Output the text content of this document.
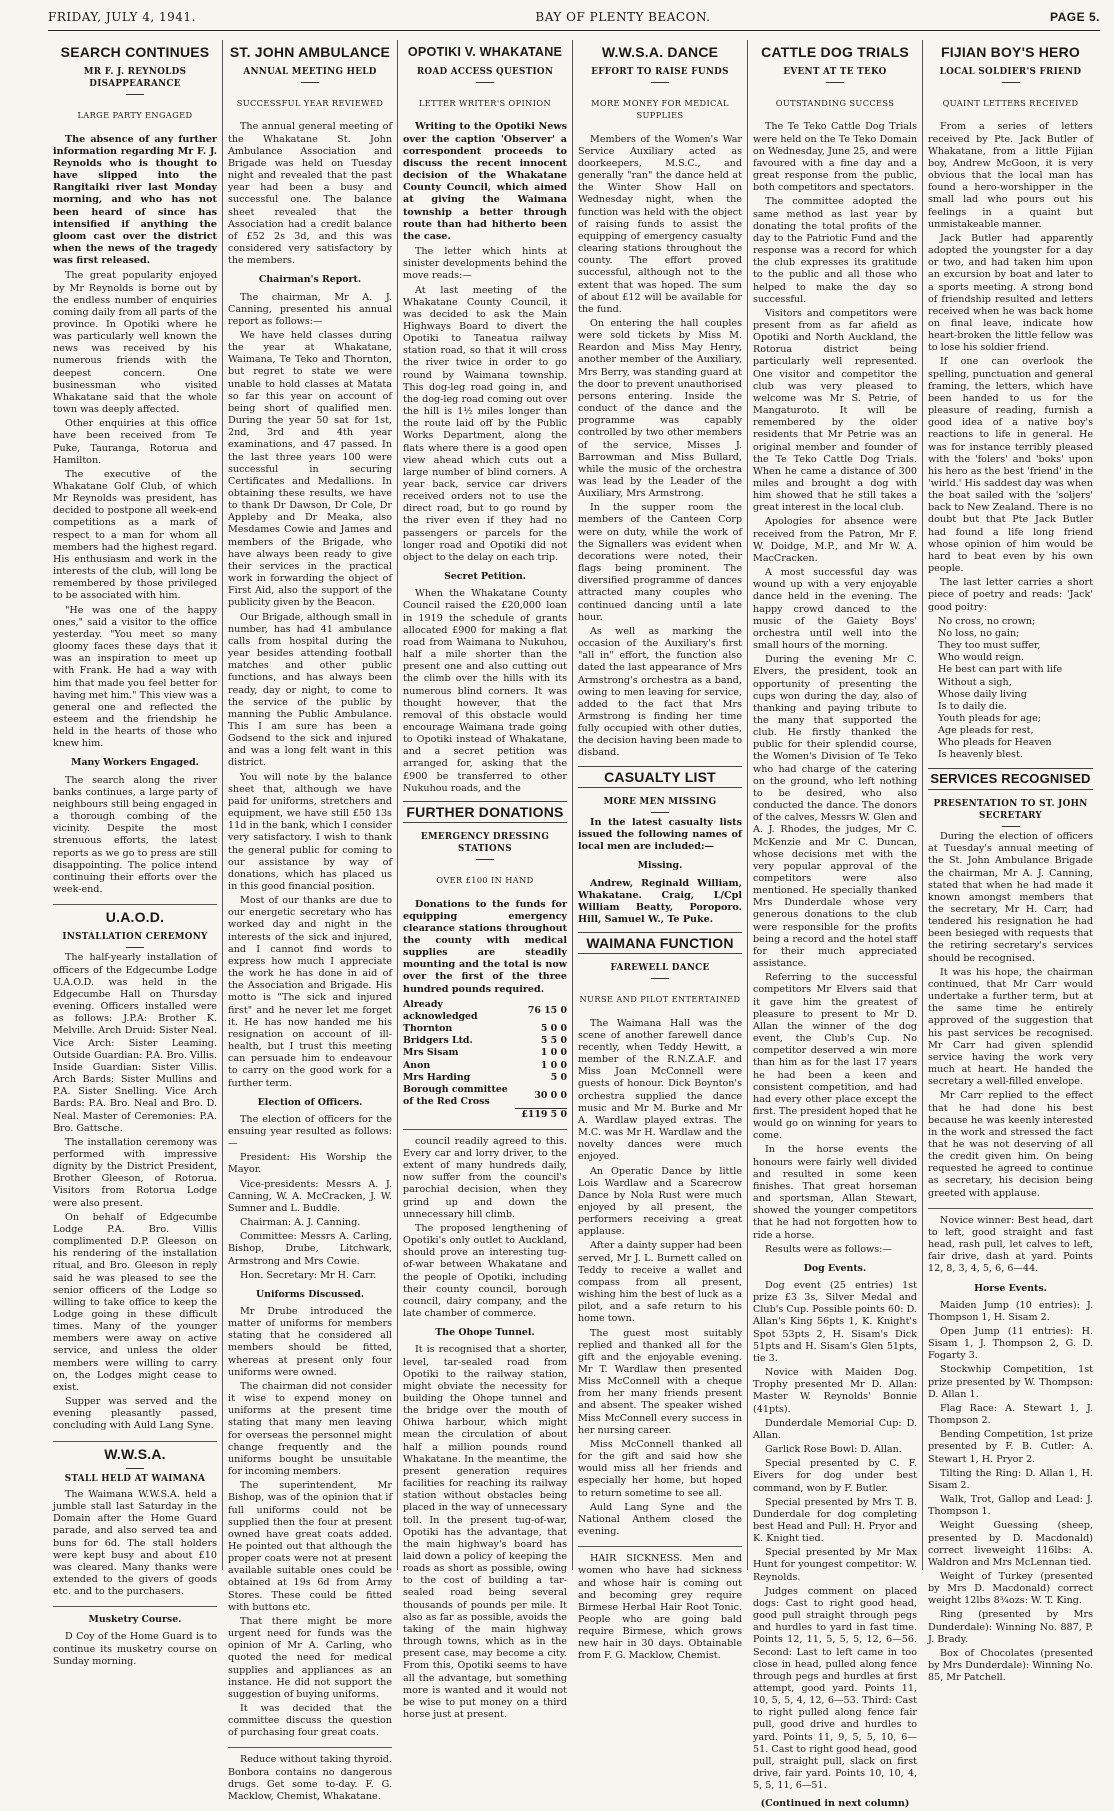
FRIDAY, JULY 4, 1941.	BAY OF PLENTY BEACON.	PAGE 5.
SEARCH CONTINUES
MR F. J. REYNOLDS DISAPPEARANCE
LARGE PARTY ENGAGED

The absence of any further information regarding Mr F. J. Reynolds who is thought to have slipped into the Rangitaiki river last Monday morning, and who has not been heard of since has intensified if anything the gloom cast over the district when the news of the tragedy was first released.

The great popularity enjoyed by Mr Reynolds is borne out by the endless number of enquiries coming daily from all parts of the province. In Opotiki where he was particularly well known the news was received by his numerous friends with the deepest concern. One businessman who visited Whakatane said that the whole town was deeply affected.

Other enquiries at this office have been received from Te Puke, Tauranga, Rotorua and Hamilton.

The executive of the Whakatane Golf Club, of which Mr Reynolds was president, has decided to postpone all week-end competitions as a mark of respect to a man for whom all members had the highest regard. His enthusiasm and work in the interests of the club, will long be remembered by those privileged to be associated with him.

"He was one of the happy ones," said a visitor to the office yesterday. "You meet so many gloomy faces these days that it was an inspiration to meet up with Frank. He had a way with him that made you feel better for having met him." This view was a general one and reflected the esteem and the friendship he held in the hearts of those who knew him.

Many Workers Engaged.

The search along the river banks continues, a large party of neighbours still being engaged in a thorough combing of the vicinity. Despite the most strenuous efforts, the latest reports as we go to press are still disappointing. The police intend continuing their efforts over the week-end.

U.A.O.D.
INSTALLATION CEREMONY

The half-yearly installation of officers of the Edgecumbe Lodge U.A.O.D. was held in the Edgecumbe Hall on Thursday evening. Officers installed were as follows: J.P.A: Brother K. Melville. Arch Druid: Sister Neal. Vice Arch: Sister Leaming. Outside Guardian: P.A. Bro. Villis. Inside Guardian: Sister Villis. Arch Bards: Sister Mullins and P.A. Sister Snelling. Vice Arch Bards: P.A. Bro. Neal and Bro. D. Neal. Master of Ceremonies: P.A. Bro. Gattsche.

The installation ceremony was performed with impressive dignity by the District President, Brother Gleeson, of Rotorua. Visitors from Rotorua Lodge were also present.

On behalf of Edgecumbe Lodge P.A. Bro. Villis complimented D.P. Gleeson on his rendering of the installation ritual, and Bro. Gleeson in reply said he was pleased to see the senior officers of the Lodge so willing to take office to keep the Lodge going in these difficult times. Many of the younger members were away on active service, and unless the older members were willing to carry on, the Lodges might cease to exist.

Supper was served and the evening pleasantly passed, concluding with Auld Lang Syne.

W.W.S.A.
STALL HELD AT WAIMANA

The Waimana W.W.S.A. held a jumble stall last Saturday in the Domain after the Home Guard parade, and also served tea and buns for 6d. The stall holders were kept busy and about £10 was cleared. Many thanks were extended to the givers of goods etc. and to the purchasers.

Musketry Course.

D Coy of the Home Guard is to continue its musketry course on Sunday morning.

ST. JOHN AMBULANCE
ANNUAL MEETING HELD
SUCCESSFUL YEAR REVIEWED

The annual general meeting of the Whakatane St. John Ambulance Association and Brigade was held on Tuesday night and revealed that the past year had been a busy and successful one. The balance sheet revealed that the Association had a credit balance of £52 2s 3d, and this was considered very satisfactory by the members.

Chairman's Report.

The chairman, Mr A. J. Canning, presented his annual report as follows:—

We have held classes during the year at Whakatane, Waimana, Te Teko and Thornton, but regret to state we were unable to hold classes at Matata so far this year on account of being short of qualified men. During the year 50 sat for 1st, 2nd, 3rd and 4th year examinations, and 47 passed. In the last three years 100 were successful in securing Certificates and Medallions. In obtaining these results, we have to thank Dr Dawson, Dr Cole, Dr Appleby and Dr Meaka, also Mesdames Cowie and James and members of the Brigade, who have always been ready to give their services in the practical work in forwarding the object of First Aid, also the support of the publicity given by the Beacon.

Our Brigade, although small in number, has had 41 ambulance calls from hospital during the year besides attending football matches and other public functions, and has always been ready, day or night, to come to the service of the public by manning the Public Ambulance. This I am sure has been a Godsend to the sick and injured and was a long felt want in this district.

You will note by the balance sheet that, although we have paid for uniforms, stretchers and equipment, we have still £50 13s 11d in the bank, which I consider very satisfactory. I wish to thank the general public for coming to our assistance by way of donations, which has placed us in this good financial position.

Most of our thanks are due to our energetic secretary who has worked day and night in the interests of the sick and injured, and I cannot find words to express how much I appreciate the work he has done in aid of the Association and Brigade. His motto is "The sick and injured first" and he never let me forget it. He has now handed me his resignation on account of ill-health, but I trust this meeting can persuade him to endeavour to carry on the good work for a further term.

Election of Officers.

The election of officers for the ensuing year resulted as follows:—

President: His Worship the Mayor.

Vice-presidents: Messrs A. J. Canning, W. A. McCracken, J. W. Sumner and L. Buddle.

Chairman: A. J. Canning.

Committee: Messrs A. Carling, Bishop, Drube, Litchwark, Armstrong and Mrs Cowie.

Hon. Secretary: Mr H. Carr.

Uniforms Discussed.

Mr Drube introduced the matter of uniforms for members stating that he considered all members should be fitted, whereas at present only four uniforms were owned.

The chairman did not consider it wise to expend money on uniforms at the present time stating that many men leaving for overseas the personnel might change frequently and the uniforms bought be unsuitable for incoming members.

The superintendent, Mr Bishop, was of the opinion that if full uniforms could not be supplied then the four at present owned have great coats added. He pointed out that although the proper coats were not at present available suitable ones could be obtained at 19s 6d from Army Stores. These could be fitted with buttons etc.

That there might be more urgent need for funds was the opinion of Mr A. Carling, who quoted the need for medical supplies and appliances as an instance. He did not support the suggestion of buying uniforms.

It was decided that the committee discuss the question of purchasing four great coats.

Reduce without taking thyroid. Bonbora contains no dangerous drugs. Get some to-day. F. G. Macklow, Chemist, Whakatane.

OPOTIKI V. WHAKATANE
ROAD ACCESS QUESTION
LETTER WRITER'S OPINION

Writing to the Opotiki News over the caption 'Observer' a correspondent proceeds to discuss the recent innocent decision of the Whakatane County Council, which aimed at giving the Waimana township a better through route than had hitherto been the case.

The letter which hints at sinister developments behind the move reads:—

At last meeting of the Whakatane County Council, it was decided to ask the Main Highways Board to divert the Opotiki to Taneatua railway station road, so that it will cross the river twice in order to go round by Waimana township. This dog-leg road going in, and the dog-leg road coming out over the hill is 1½ miles longer than the route laid off by the Public Works Department, along the flats where there is a good open view ahead which cuts out a large number of blind corners. A year back, service car drivers received orders not to use the direct road, but to go round by the river even if they had no passengers or parcels for the longer road and Opotiki did not object to the delay on each trip.

Secret Petition.

When the Whakatane County Council raised the £20,000 loan in 1919 the schedule of grants allocated £900 for making a flat road from Waimana to Nukuhou, half a mile shorter than the present one and also cutting out the climb over the hills with its numerous blind corners. It was thought however, that the removal of this obstacle would encourage Waimana trade going to Opotiki instead of Whakatane, and a secret petition was arranged for, asking that the £900 be transferred to other Nukuhou roads, and the

FURTHER DONATIONS
EMERGENCY DRESSING STATIONS
OVER £100 IN HAND

Donations to the funds for equipping emergency clearance stations throughout the county with medical supplies are steadily mounting and the total is now over the first of the three hundred pounds required.

Already acknowledged	76 15 0
Thornton	5 0 0
Bridgers Ltd.	5 5 0
Mrs Sisam	1 0 0
Anon	1 0 0
Mrs Harding	5 0
Borough committee of the Red Cross	30 0 0
	£119 5 0

council readily agreed to this. Every car and lorry driver, to the extent of many hundreds daily, now suffer from the council's parochial decision, when they grind up and down the unnecessary hill climb.

The proposed lengthening of Opotiki's only outlet to Auckland, should prove an interesting tug-of-war between Whakatane and the people of Opotiki, including their county council, borough council, dairy company, and the late chamber of commerce.

The Ohope Tunnel.

It is recognised that a shorter, level, tar-sealed road from Opotiki to the railway station, might obviate the necessity for building the Ohope tunnel and the bridge over the mouth of Ohiwa harbour, which might mean the circulation of about half a million pounds round Whakatane. In the meantime, the present generation requires facilities for reaching its railway station without obstacles being placed in the way of unnecessary toll. In the present tug-of-war, Opotiki has the advantage, that the main highway's board has laid down a policy of keeping the roads as short as possible, owing to the cost of building a tar-sealed road being several thousands of pounds per mile. It also as far as possible, avoids the taking of the main highway through towns, which as in the present case, may become a city. From this, Opotiki seems to have all the advantage, but something more is wanted and it would not be wise to put money on a third horse just at present.

W.W.S.A. DANCE
EFFORT TO RAISE FUNDS
MORE MONEY FOR MEDICAL SUPPLIES

Members of the Women's War Service Auxiliary acted as doorkeepers, M.S.C., and generally "ran" the dance held at the Winter Show Hall on Wednesday night, when the function was held with the object of raising funds to assist the equipping of emergency casualty clearing stations throughout the county. The effort proved successful, although not to the extent that was hoped. The sum of about £12 will be available for the fund.

On entering the hall couples were sold tickets by Miss M. Reardon and Miss May Henry, another member of the Auxiliary, Mrs Berry, was standing guard at the door to prevent unauthorised persons entering. Inside the conduct of the dance and the programme was capably controlled by two other members of the service, Misses J. Barrowman and Miss Bullard, while the music of the orchestra was lead by the Leader of the Auxiliary, Mrs Armstrong.

In the supper room the members of the Canteen Corp were on duty, while the work of the Signallers was evident when decorations were noted, their flags being prominent. The diversified programme of dances attracted many couples who continued dancing until a late hour.

As well as marking the occasion of the Auxiliary's first "all in" effort, the function also dated the last appearance of Mrs Armstrong's orchestra as a band, owing to men leaving for service, added to the fact that Mrs Armstrong is finding her time fully occupied with other duties, the decision having been made to disband.

CASUALTY LIST
MORE MEN MISSING

In the latest casualty lists issued the following names of local men are included:—

Missing.

Andrew, Reginald William, Whakatane. Craig, L/Cpl William Beatty, Poroporo. Hill, Samuel W., Te Puke.

WAIMANA FUNCTION
FAREWELL DANCE
NURSE AND PILOT ENTERTAINED

The Waimana Hall was the scene of another farewell dance recently, when Teddy Hewitt, a member of the R.N.Z.A.F. and Miss Joan McConnell were guests of honour. Dick Boynton's orchestra supplied the dance music and Mr M. Burke and Mr A. Wardlaw played extras. The M.C. was Mr H. Wardlaw and the novelty dances were much enjoyed.

An Operatic Dance by little Lois Wardlaw and a Scarecrow Dance by Nola Rust were much enjoyed by all present, the performers receiving a great applause.

After a dainty supper had been served, Mr J. L. Burnett called on Teddy to receive a wallet and compass from all present, wishing him the best of luck as a pilot, and a safe return to his home town.

The guest most suitably replied and thanked all for the gift and the enjoyable evening. Mr T. Wardlaw then presented Miss McConnell with a cheque from her many friends present and absent. The speaker wished Miss McConnell every success in her nursing career.

Miss McConnell thanked all for the gift and said how she would miss all her friends and especially her home, but hoped to return sometime to see all.

Auld Lang Syne and the National Anthem closed the evening.

HAIR SICKNESS. Men and women who have had sickness and whose hair is coming out and becoming grey require Birmese Herbal Hair Root Tonic. People who are going bald require Birmese, which grows new hair in 30 days. Obtainable from F. G. Macklow, Chemist.

CATTLE DOG TRIALS
EVENT AT TE TEKO
OUTSTANDING SUCCESS

The Te Teko Cattle Dog Trials were held on the Te Teko Domain on Wednesday, June 25, and were favoured with a fine day and a great response from the public, both competitors and spectators.

The committee adopted the same method as last year by donating the total profits of the day to the Patriotic Fund and the response was a record for which the club expresses its gratitude to the public and all those who helped to make the day so successful.

Visitors and competitors were present from as far afield as Opotiki and North Auckland, the Rotorua district being particularly well represented. One visitor and competitor the club was very pleased to welcome was Mr S. Petrie, of Mangaturoto. It will be remembered by the older residents that Mr Petrie was an original member and founder of the Te Teko Cattle Dog Trials. When he came a distance of 300 miles and brought a dog with him showed that he still takes a great interest in the local club.

Apologies for absence were received from the Patron, Mr F. W. Doidge, M.P., and Mr W. A. MacCracken.

A most successful day was wound up with a very enjoyable dance held in the evening. The happy crowd danced to the music of the Gaiety Boys' orchestra until well into the small hours of the morning.

During the evening Mr C. Elvers, the president, took an opportunity of presenting the cups won during the day, also of thanking and paying tribute to the many that supported the club. He firstly thanked the public for their splendid course, the Women's Division of Te Teko who had charge of the catering on the ground, who left nothing to be desired, who also conducted the dance. The donors of the calves, Messrs W. Glen and A. J. Rhodes, the judges, Mr C. McKenzie and Mr C. Duncan, whose decisions met with the very popular approval of the competitors were also mentioned. He specially thanked Mrs Dunderdale whose very generous donations to the club were responsible for the profits being a record and the hotel staff for their much appreciated assistance.

Referring to the successful competitors Mr Elvers said that it gave him the greatest of pleasure to present to Mr D. Allan the winner of the dog event, the Club's Cup. No competitor deserved a win more than him as for the last 17 years he had been a keen and consistent competition, and had had every other place except the first. The president hoped that he would go on winning for years to come.

In the horse events the honours were fairly well divided and resulted in some keen finishes. That great horseman and sportsman, Allan Stewart, showed the younger competitors that he had not forgotten how to ride a horse.

Results were as follows:—

Dog Events.

Dog event (25 entries) 1st prize £3 3s, Silver Medal and Club's Cup. Possible points 60: D. Allan's King 56pts 1, K. Knight's Spot 53pts 2, H. Sisam's Dick 51pts and H. Sisam's Glen 51pts, tie 3.

Novice with Maiden Dog. Trophy presented Mr D. Allan: Master W. Reynolds' Bonnie (41pts).

Dunderdale Memorial Cup: D. Allan.

Garlick Rose Bowl: D. Allan.

Special presented by C. F. Eivers for dog under best command, won by F. Butler.

Special presented by Mrs T. B. Dunderdale for dog completing best Head and Pull: H. Pryor and K. Knight tied.

Special presented by Mr Max Hunt for youngest competitor: W. Reynolds.

Judges comment on placed dogs: Cast to right good head, good pull straight through pegs and hurdles to yard in fast time. Points 12, 11, 5, 5, 5, 12, 6—56. Second: Last to left came in too close in head, pulled along fence through pegs and hurdles at first attempt, good yard. Points 11, 10, 5, 5, 4, 12, 6—53. Third: Cast to right pulled along fence fair pull, good drive and hurdles to yard. Points 11, 9, 5, 5, 10, 6—51. Cast to right good head, good pull, straight pull, slack on first drive, fair yard. Points 10, 10, 4, 5, 5, 11, 6—51.

(Continued in next column)
FIJIAN BOY'S HERO
LOCAL SOLDIER'S FRIEND
QUAINT LETTERS RECEIVED

From a series of letters received by Pte. Jack Butler of Whakatane, from a little Fijian boy, Andrew McGoon, it is very obvious that the local man has found a hero-worshipper in the small lad who pours out his feelings in a quaint but unmistakeable manner.

Jack Butler had apparently adopted the youngster for a day or two, and had taken him upon an excursion by boat and later to a sports meeting. A strong bond of friendship resulted and letters received when he was back home on final leave, indicate how heart-broken the little fellow was to lose his soldier friend.

If one can overlook the spelling, punctuation and general framing, the letters, which have been handed to us for the pleasure of reading, furnish a good idea of a native boy's reactions to life in general. He was for instance terribly pleased with the 'folers' and 'boks' upon his hero as the best 'friend' in the 'wirld.' His saddest day was when the boat sailed with the 'soljers' back to New Zealand. There is no doubt but that Pte Jack Butler had found a life long friend whose opinion of him would be hard to beat even by his own people.

The last letter carries a short piece of poetry and reads: 'Jack' good poitry:

No cross, no crown;

No loss, no gain;

They too must suffer,

Who would reign.

He best can part with life

Without a sigh,

Whose daily living

Is to daily die.

Youth pleads for age;

Age pleads for rest,

Who pleads for Heaven

Is heavenly blest.

SERVICES RECOGNISED
PRESENTATION TO ST. JOHN SECRETARY

During the election of officers at Tuesday's annual meeting of the St. John Ambulance Brigade the chairman, Mr A. J. Canning, stated that when he had made it known amongst members that the secretary, Mr H. Carr, had tendered his resignation he had been besieged with requests that the retiring secretary's services should be recognised.

It was his hope, the chairman continued, that Mr Carr would undertake a further term, but at the same time he entirely approved of the suggestion that his past services be recognised. Mr Carr had given splendid service having the work very much at heart. He handed the secretary a well-filled envelope.

Mr Carr replied to the effect that he had done his best because he was keenly interested in the work and stressed the fact that he was not deserving of all the credit given him. On being requested he agreed to continue as secretary, his decision being greeted with applause.

Novice winner: Best head, dart to left, good straight and fast head, rash pull, let calves to left, fair drive, dash at yard. Points 12, 8, 3, 4, 5, 6, 6—44.

Horse Events.

Maiden Jump (10 entries): J. Thompson 1, H. Sisam 2.

Open Jump (11 entries): H. Sisam 1, J. Thompson 2, G. D. Fogarty 3.

Stockwhip Competition, 1st prize presented by W. Thompson: D. Allan 1.

Flag Race: A. Stewart 1, J. Thompson 2.

Bending Competition, 1st prize presented by F. B. Cutler: A. Stewart 1, H. Pryor 2.

Tilting the Ring: D. Allan 1, H. Sisam 2.

Walk, Trot, Gallop and Lead: J. Thompson 1.

Weight Guessing (sheep, presented by D. Macdonald) correct liveweight 116lbs: A. Waldron and Mrs McLennan tied.

Weight of Turkey (presented by Mrs D. Macdonald) correct weight 12lbs 8¾ozs: W. T. King.

Ring (presented by Mrs Dunderdale): Winning No. 887, P. J. Brady.

Box of Chocolates (presented by Mrs Dunderdale): Winning No. 85, Mr Patchell.
